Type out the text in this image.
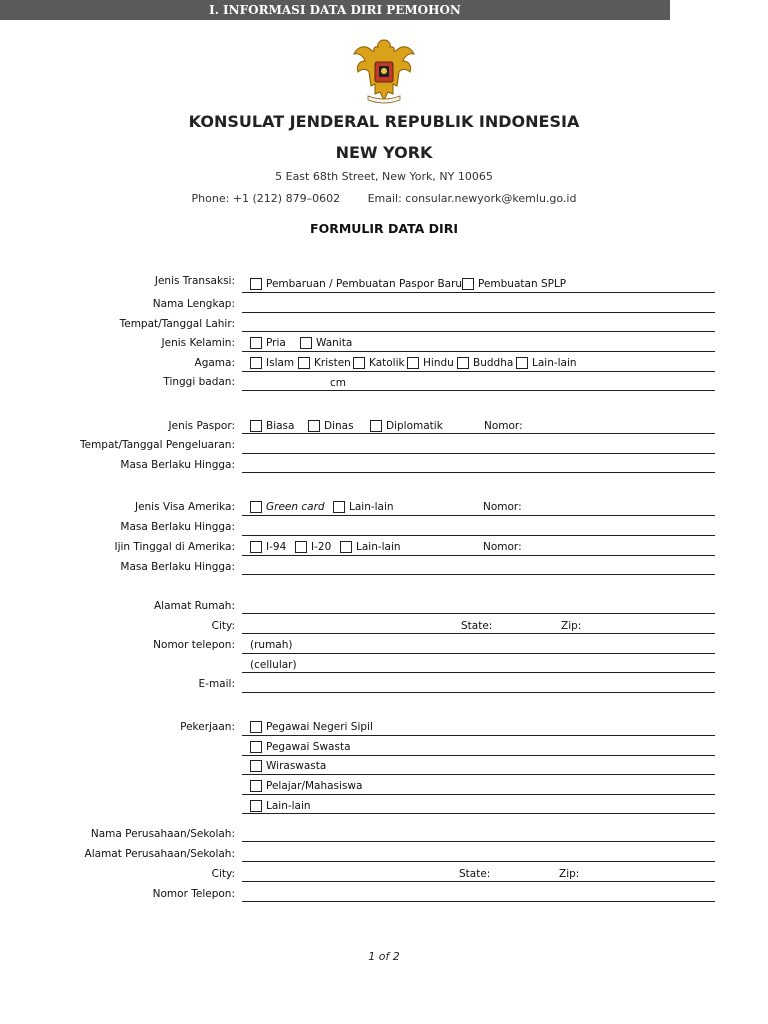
KONSULAT JENDERAL REPUBLIK INDONESIA
NEW YORK
5 East 68th Street, New York, NY 10065
Phone: +1 (212) 879–0602	Email: consular.newyork@kemlu.go.id
FORMULIR DATA DIRI
I. INFORMASI DATA DIRI PEMOHON
Jenis Transaksi:	Pembaruan / Pembuatan Paspor Baru Pembuatan SPLP
Nama Lengkap:
Tempat/Tanggal Lahir:
Jenis Kelamin:	Pria	Wanita
Agama:	Islam Kristen Katolik Hindu Buddha Lain-lain
Tinggi badan:	cm
Jenis Paspor:	Biasa	Dinas	Diplomatik	Nomor:
Tempat/Tanggal Pengeluaran:
Masa Berlaku Hingga:
Jenis Visa Amerika:	Green card Lain-lain	Nomor:
Masa Berlaku Hingga:
Ijin Tinggal di Amerika:	I-94 I-20 Lain-lain	Nomor:
Masa Berlaku Hingga:
Alamat Rumah:
City:	State:	Zip:
Nomor telepon: (rumah)
(cellular)
E-mail:
Pekerjaan:	Pegawai Negeri Sipil
Pegawai Swasta
Wiraswasta
Pelajar/Mahasiswa
Lain-lain
Nama Perusahaan/Sekolah:
Alamat Perusahaan/Sekolah:
City:	State:	Zip:
Nomor Telepon:
1 of 2
